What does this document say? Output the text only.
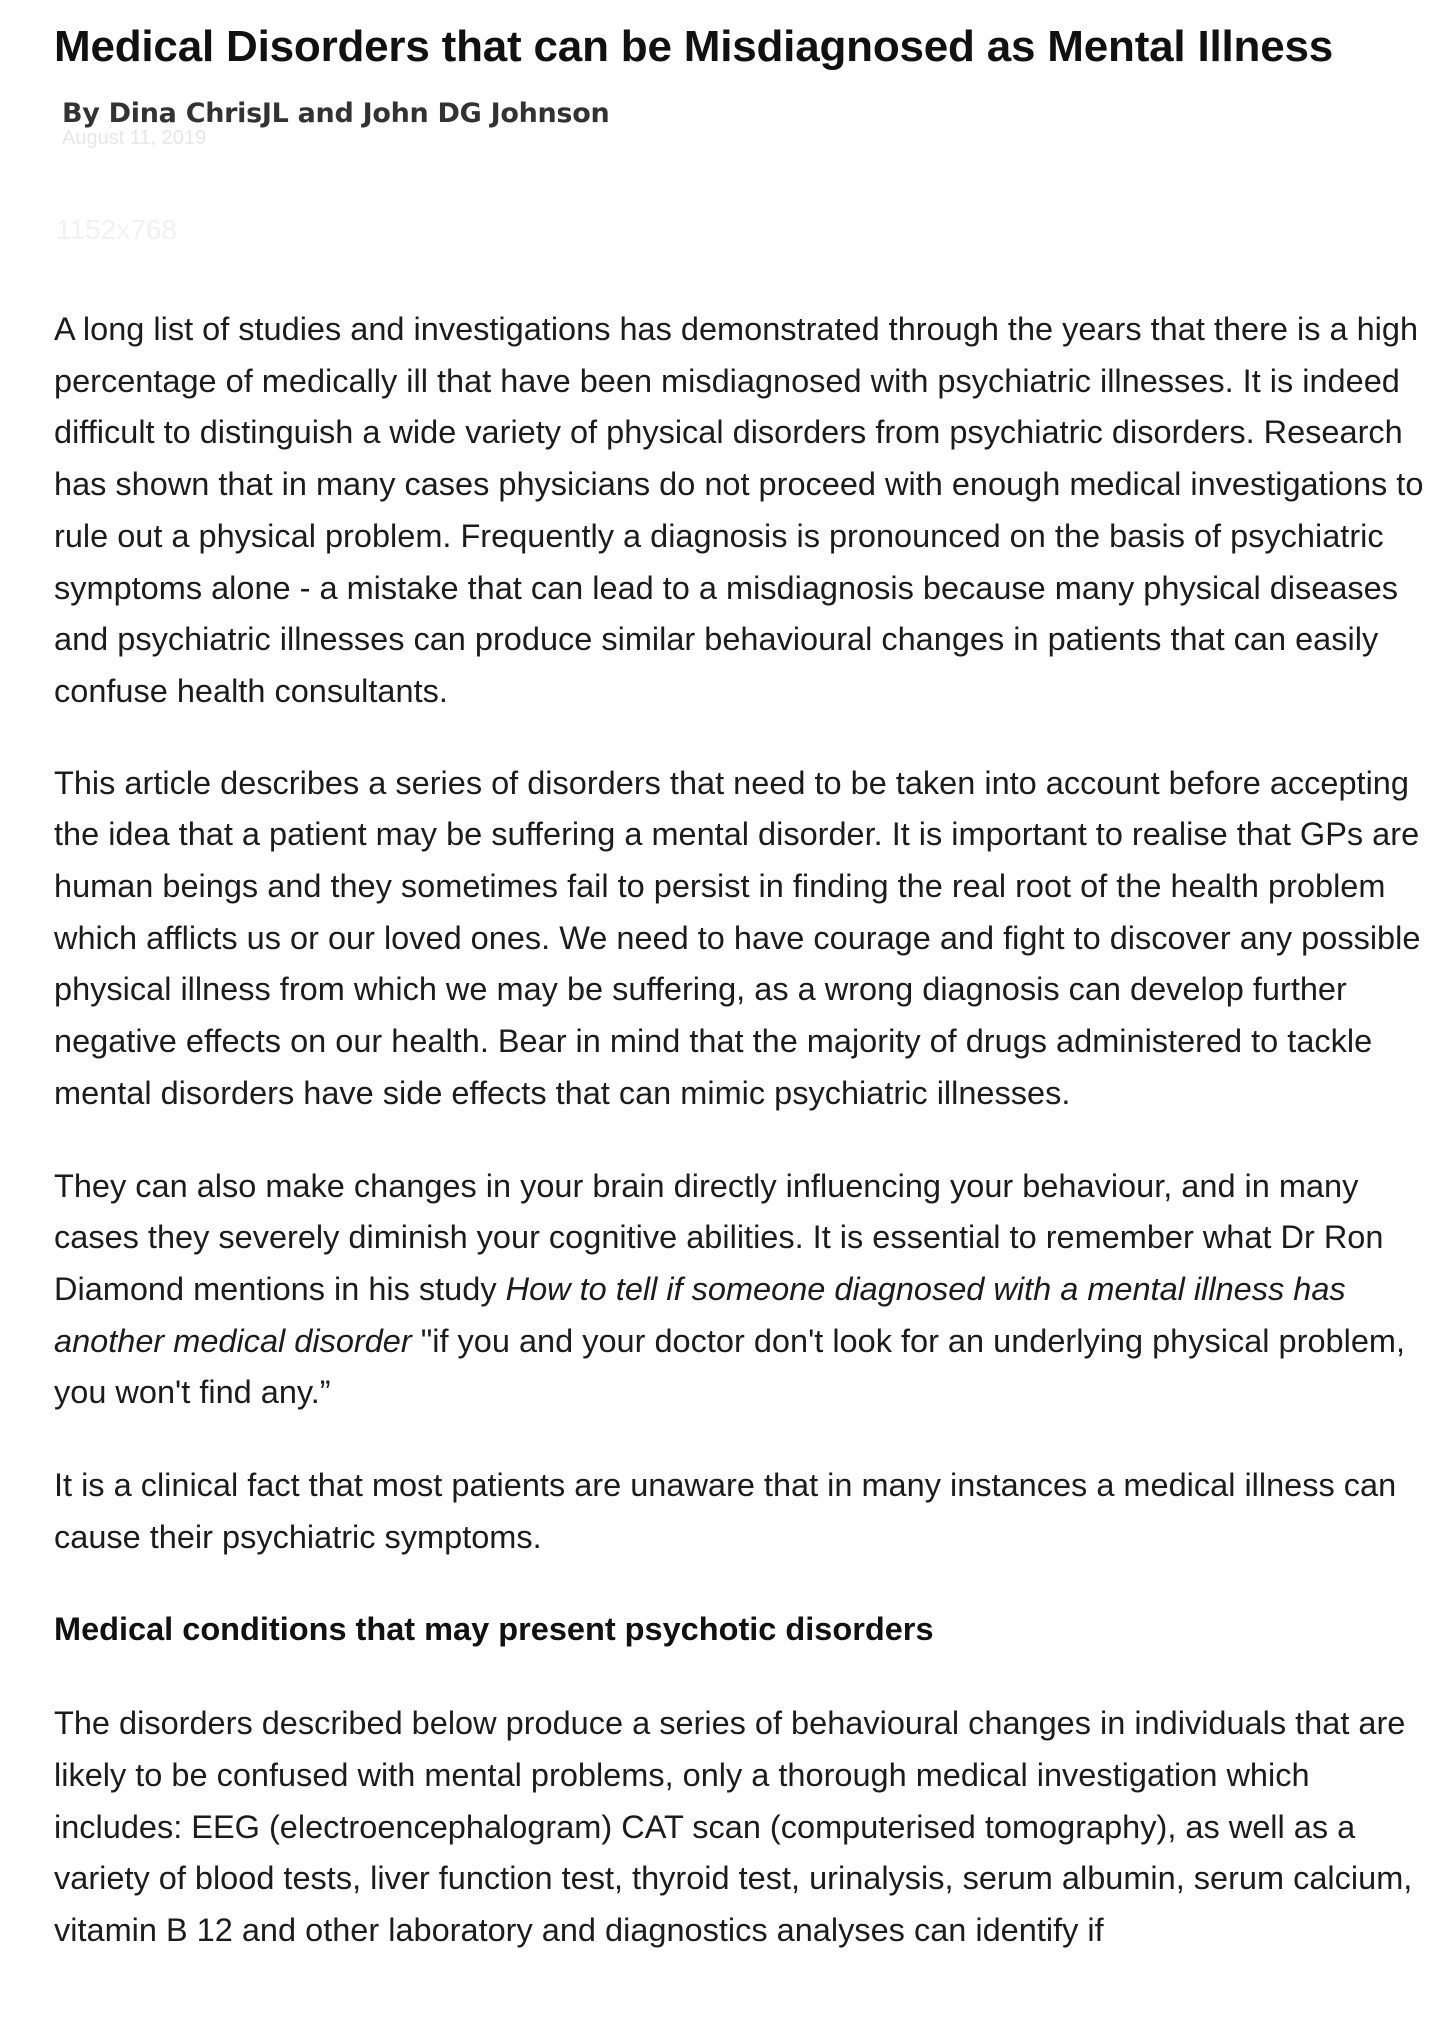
Medical Disorders that can be Misdiagnosed as Mental Illness
By Dina ChrisJL and John DG Johnson
August 11, 2019
1152x768

A long list of studies and investigations has demonstrated through the years that there is a high percentage of medically ill that have been misdiagnosed with psychiatric illnesses. It is indeed difficult to distinguish a wide variety of physical disorders from psychiatric disorders. Research has shown that in many cases physicians do not proceed with enough medical investigations to rule out a physical problem. Frequently a diagnosis is pronounced on the basis of psychiatric symptoms alone - a mistake that can lead to a misdiagnosis because many physical diseases and psychiatric illnesses can produce similar behavioural changes in patients that can easily confuse health consultants.

This article describes a series of disorders that need to be taken into account before accepting the idea that a patient may be suffering a mental disorder. It is important to realise that GPs are human beings and they sometimes fail to persist in finding the real root of the health problem which afflicts us or our loved ones. We need to have courage and fight to discover any possible physical illness from which we may be suffering, as a wrong diagnosis can develop further negative effects on our health. Bear in mind that the majority of drugs administered to tackle mental disorders have side effects that can mimic psychiatric illnesses.

They can also make changes in your brain directly influencing your behaviour, and in many cases they severely diminish your cognitive abilities. It is essential to remember what Dr Ron Diamond mentions in his study How to tell if someone diagnosed with a mental illness has another medical disorder "if you and your doctor don't look for an underlying physical problem, you won't find any.”

It is a clinical fact that most patients are unaware that in many instances a medical illness can cause their psychiatric symptoms.

Medical conditions that may present psychotic disorders

The disorders described below produce a series of behavioural changes in individuals that are likely to be confused with mental problems, only a thorough medical investigation which includes: EEG (electroencephalogram) CAT scan (computerised tomography), as well as a variety of blood tests, liver function test, thyroid test, urinalysis, serum albumin, serum calcium, vitamin B 12 and other laboratory and diagnostics analyses can identify if
